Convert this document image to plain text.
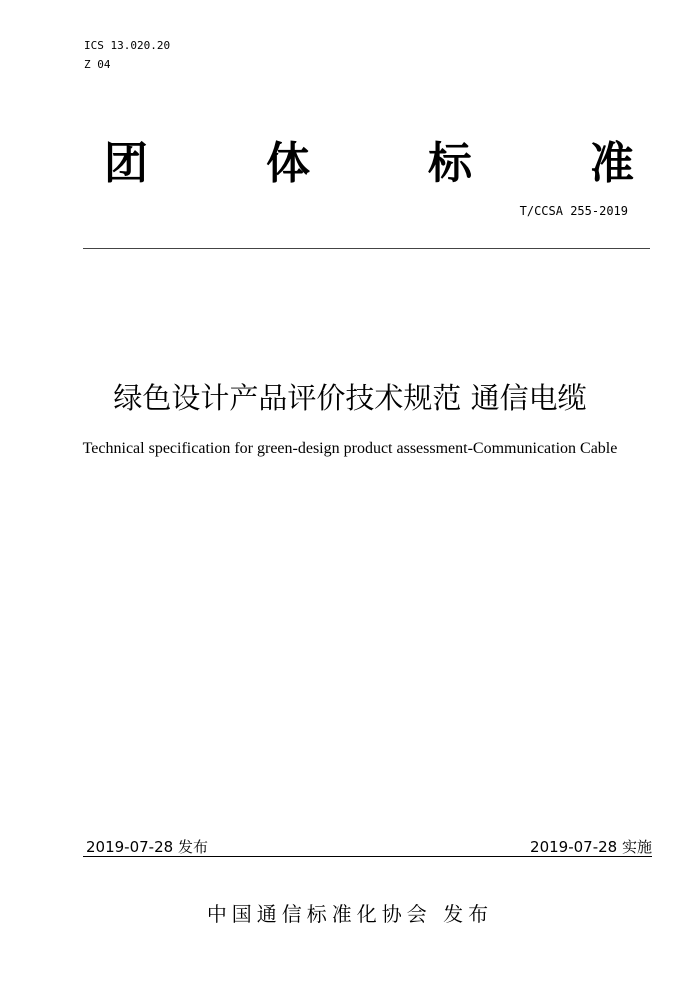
ICS 13.020.20
Z 04
团	体	标	准
T/CCSA 255-2019
绿色设计产品评价技术规范 通信电缆
Technical specification for green-design product assessment-Communication Cable
2019-07-28 发布	2019-07-28 实施
中国通信标准化协会 发布
